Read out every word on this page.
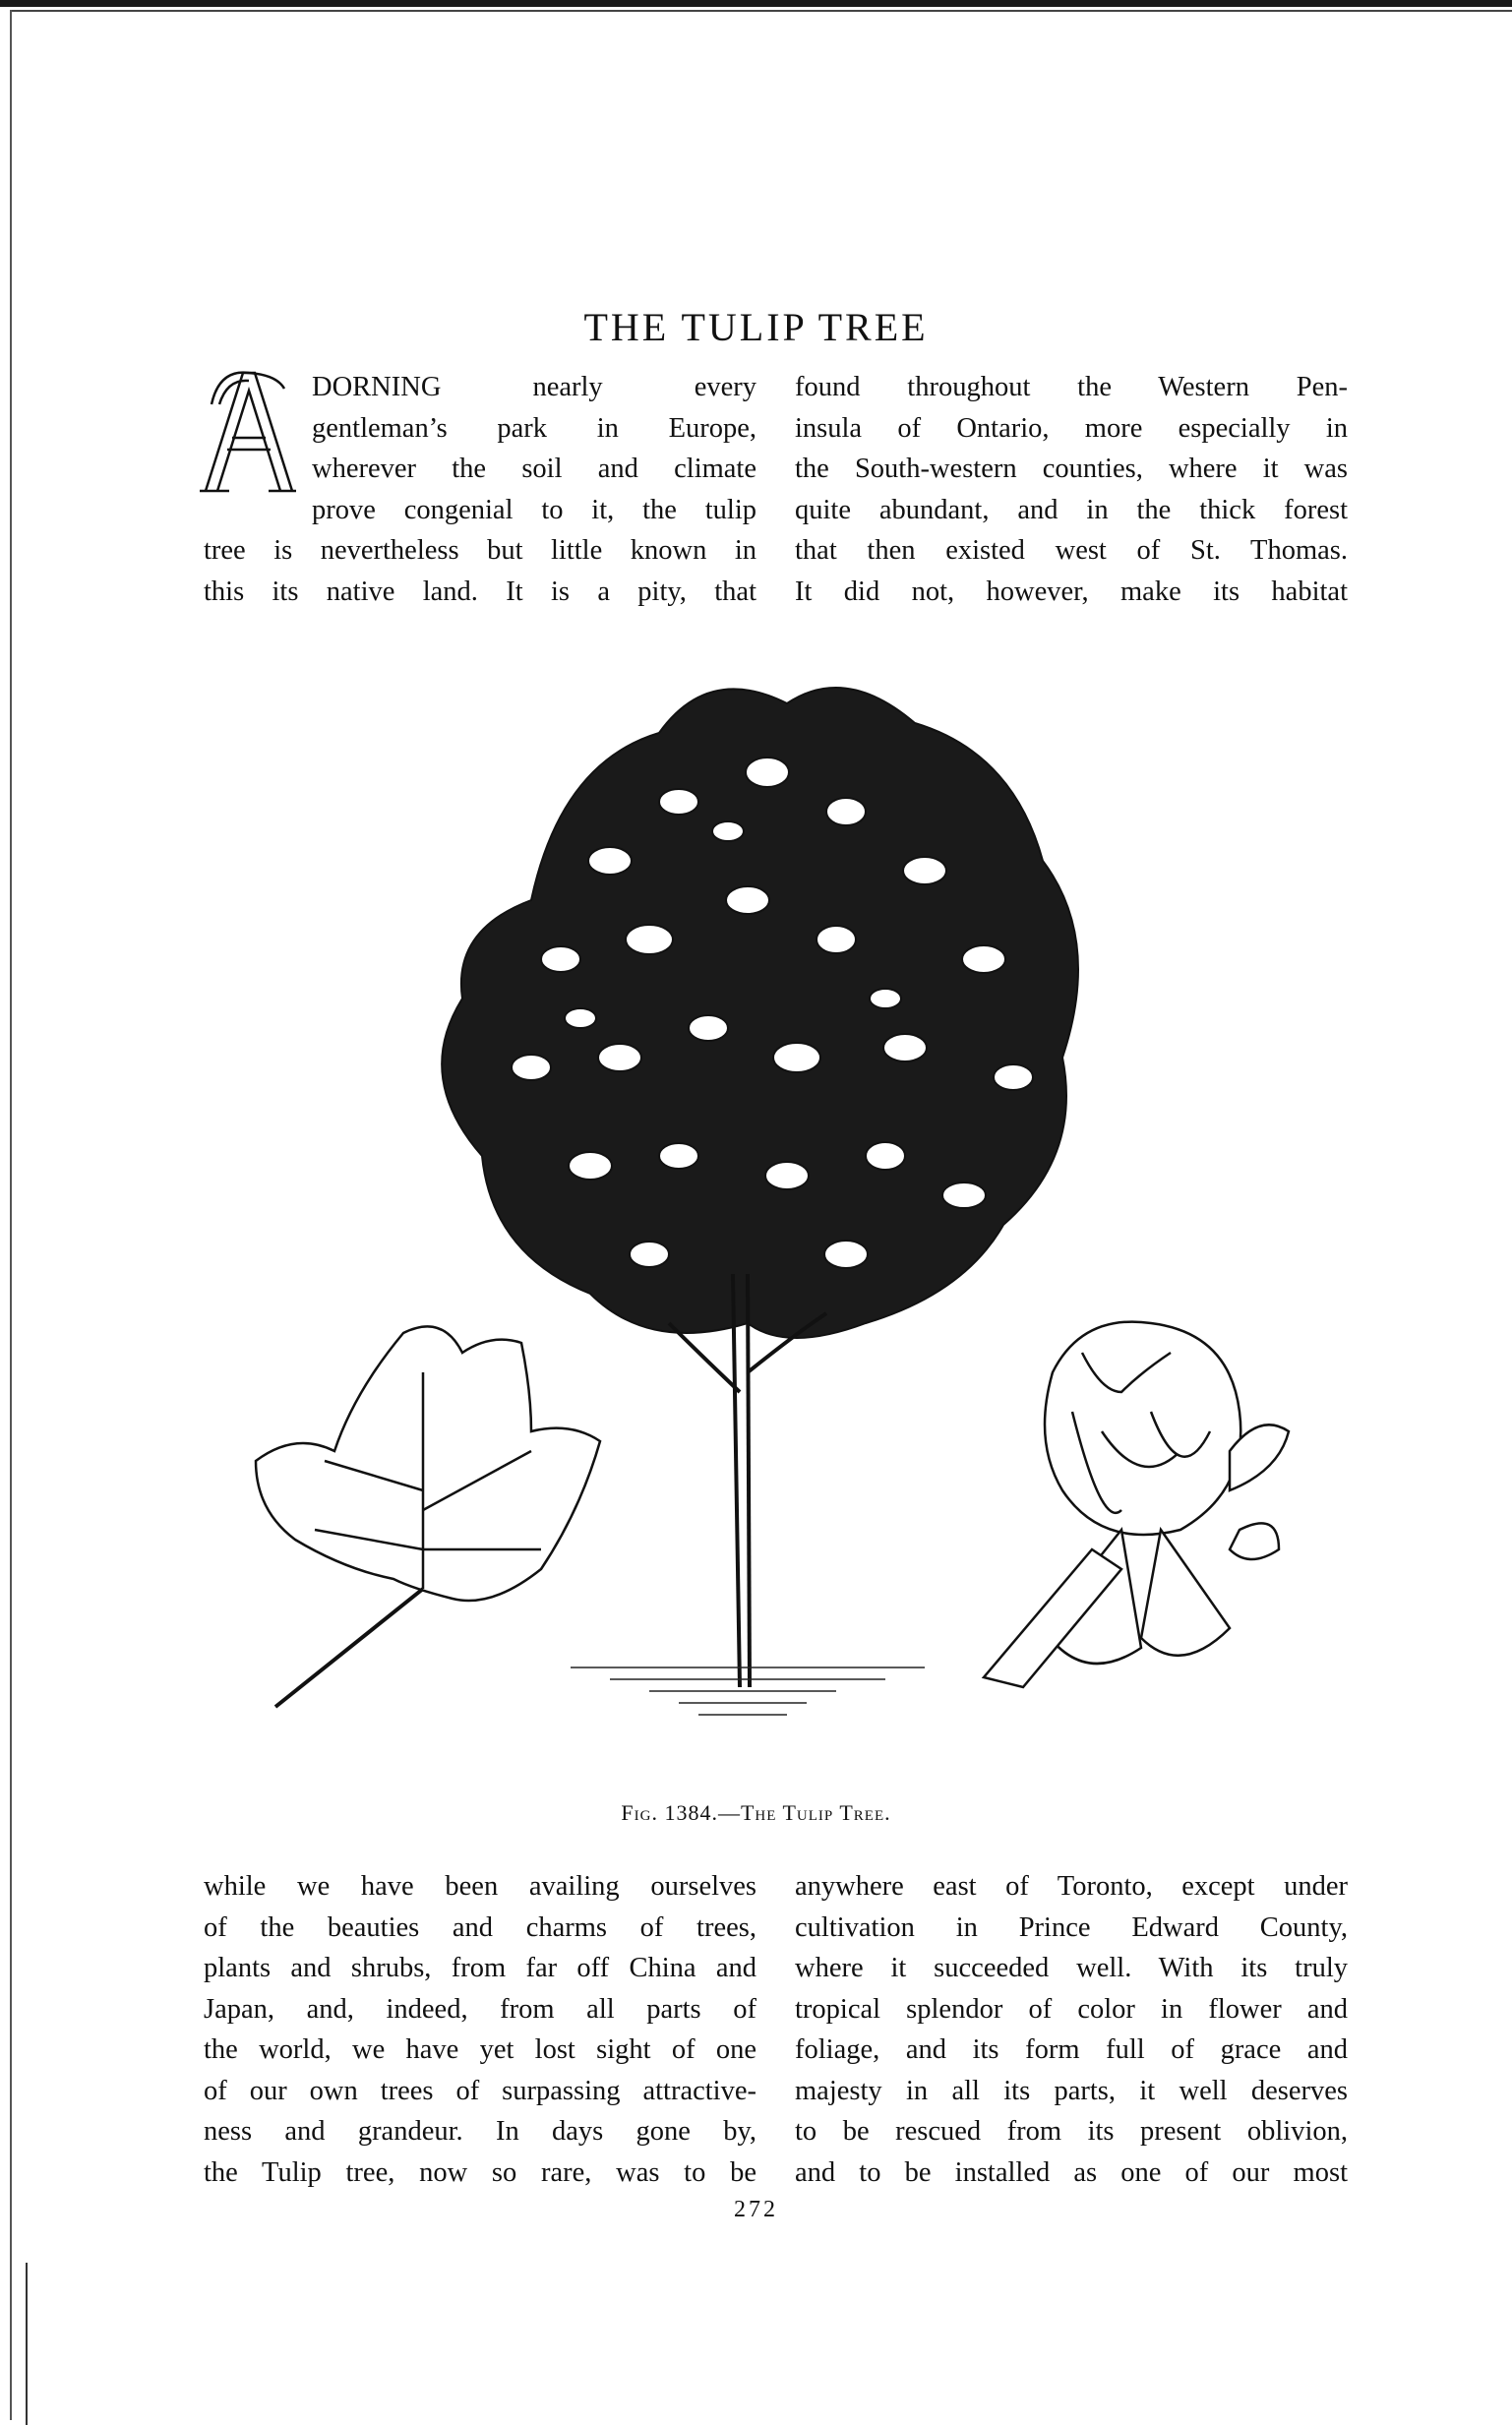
THE TULIP TREE
DORNING nearly every
gentleman’s park in Europe,
wherever the soil and climate
prove congenial to it, the tulip
tree is nevertheless but little known in
this its native land. It is a pity, that
found throughout the Western Pen-
insula of Ontario, more especially in
the South-western counties, where it was
quite abundant, and in the thick forest
that then existed west of St. Thomas.
It did not, however, make its habitat
Fig. 1384.—The Tulip Tree.
while we have been availing ourselves
of the beauties and charms of trees,
plants and shrubs, from far off China and
Japan, and, indeed, from all parts of
the world, we have yet lost sight of one
of our own trees of surpassing attractive-
ness and grandeur. In days gone by,
the Tulip tree, now so rare, was to be
anywhere east of Toronto, except under
cultivation in Prince Edward County,
where it succeeded well. With its truly
tropical splendor of color in flower and
foliage, and its form full of grace and
majesty in all its parts, it well deserves
to be rescued from its present oblivion,
and to be installed as one of our most
272
